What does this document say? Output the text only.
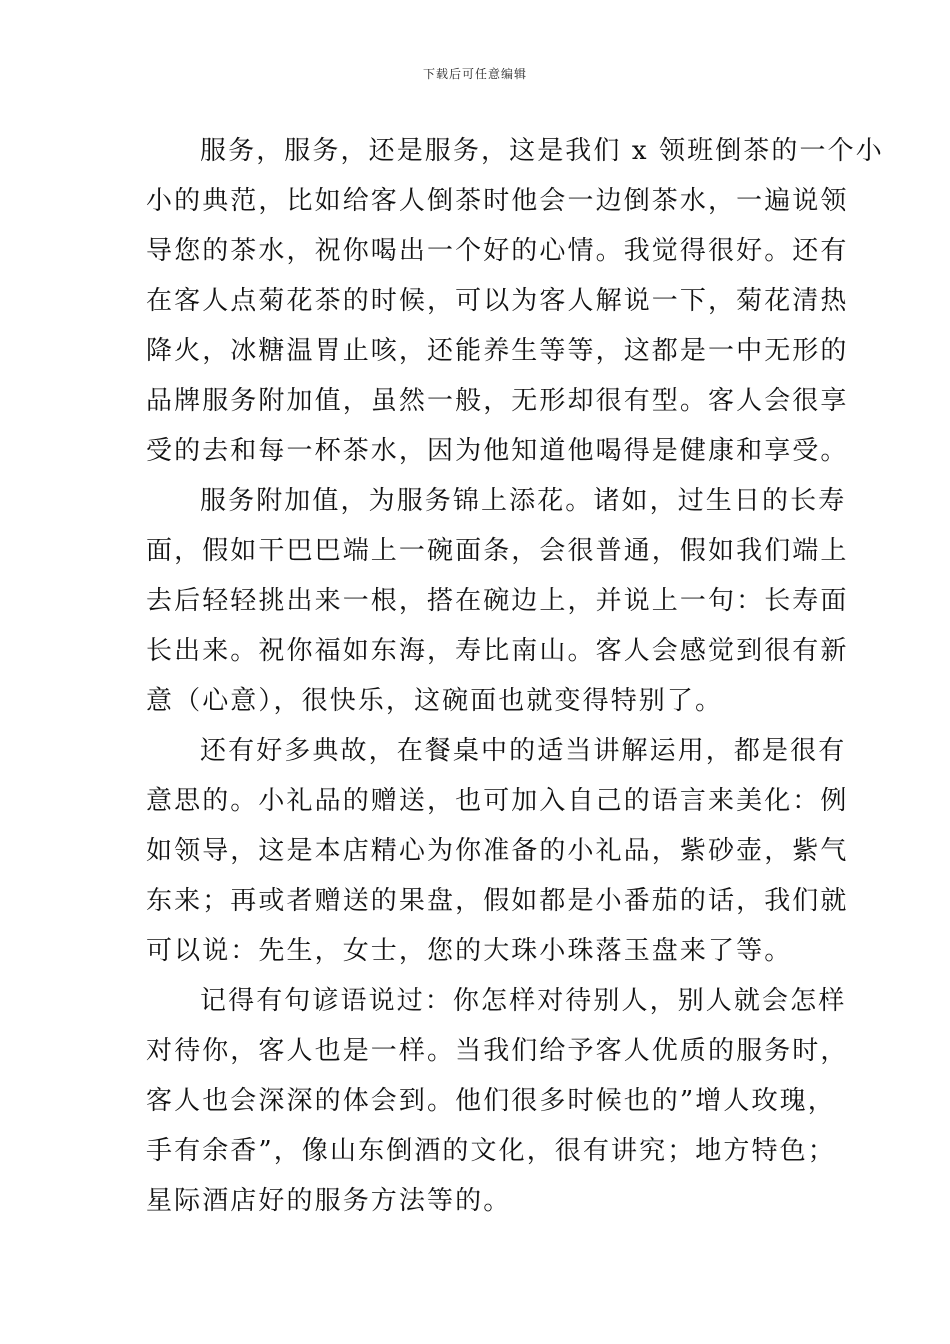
下载后可任意编辑

服务，服务，还是服务，这是我们 x 领班倒茶的一个小
小的典范，比如给客人倒茶时他会一边倒茶水，一遍说领
导您的茶水，祝你喝出一个好的心情。我觉得很好。还有
在客人点菊花茶的时候，可以为客人解说一下，菊花清热
降火，冰糖温胃止咳，还能养生等等，这都是一中无形的
品牌服务附加值，虽然一般，无形却很有型。客人会很享
受的去和每一杯茶水，因为他知道他喝得是健康和享受。

服务附加值，为服务锦上添花。诸如，过生日的长寿
面，假如干巴巴端上一碗面条，会很普通，假如我们端上
去后轻轻挑出来一根，搭在碗边上，并说上一句：长寿面
长出来。祝你福如东海，寿比南山。客人会感觉到很有新
意（心意），很快乐，这碗面也就变得特别了。

还有好多典故，在餐桌中的适当讲解运用，都是很有
意思的。小礼品的赠送，也可加入自己的语言来美化：例
如领导，这是本店精心为你准备的小礼品，紫砂壶，紫气
东来；再或者赠送的果盘，假如都是小番茄的话，我们就
可以说：先生，女士，您的大珠小珠落玉盘来了等。

记得有句谚语说过：你怎样对待别人，别人就会怎样
对待你，客人也是一样。当我们给予客人优质的服务时，
客人也会深深的体会到。他们很多时候也的”增人玫瑰，
手有余香”，像山东倒酒的文化，很有讲究；地方特色；
星际酒店好的服务方法等的。
